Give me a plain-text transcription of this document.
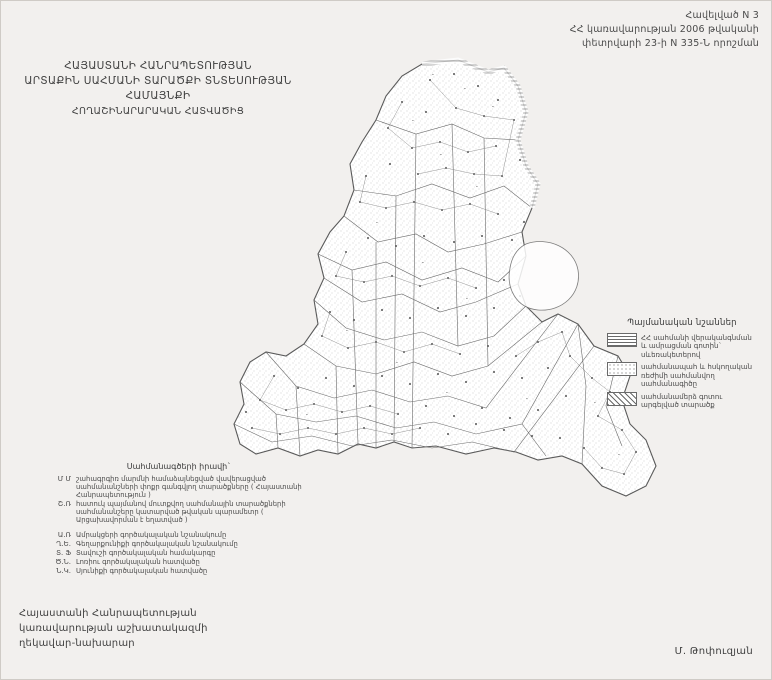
Հավելված N 3
ՀՀ կառավարության 2006 թվականի
փետրվարի 23-ի N 335-Ն որոշման
ՀԱՅԱՍՏԱՆԻ ՀԱՆՐԱՊԵՏՈՒԹՅԱՆ
ԱՐՏԱՔԻՆ ՍԱՀՄԱՆԻ ՏԱՐԱԾՔԻ ՏՆՏԵՍՈՒԹՅԱՆ ՀԱՄԱՅՆՔԻ
ՀՈՂԱՇԻՆԱՐԱՐԱԿԱՆ ՀԱՏՎԱԾԻՑ
•
•
•
•
•
•
•
•
•
•
•
•
•
•
•
•
Պայմանական նշաններ
ՀՀ սահմանի վերականգնման և ամրացման գոտին` սևեռակետերով
սահմանապահ և հսկողական ռեժիմի սահմանվող սահմանագիծը
սահմանամերձ գոտու արգելված տարածք
Սահմանագծերի իրավի`
Մ Մ շահագրգիռ մարմնի համաձայնեցված վավերացված սահմանանշների փոքր գանգվլող տարածքները ( Հայաստանի Հանրապետություն )
Շ.Ռ հատուկ պայմանով մուտքվող սահմանային տարածքների սահմանանշերը կատարված թվական պարամետր ( Արցախավորման է եղատված )
Ա.Ռ Ամրակցերի գործակալական նշանակումը
Ղ.Ե. Գեղարքունիքի գործակալական նշանակումը
Տ. Ֆ Տավուշի գործակալական համակարգը
Ծ.Ն. Լոռիու գործակալական հատվածը
Ն.Կ. Սյունիքի գործակալական հատվածը
Հայաստանի Հանրապետության
կառավարության աշխատակազմի
ղեկավար-նախարար
Մ. Թոփուզյան
